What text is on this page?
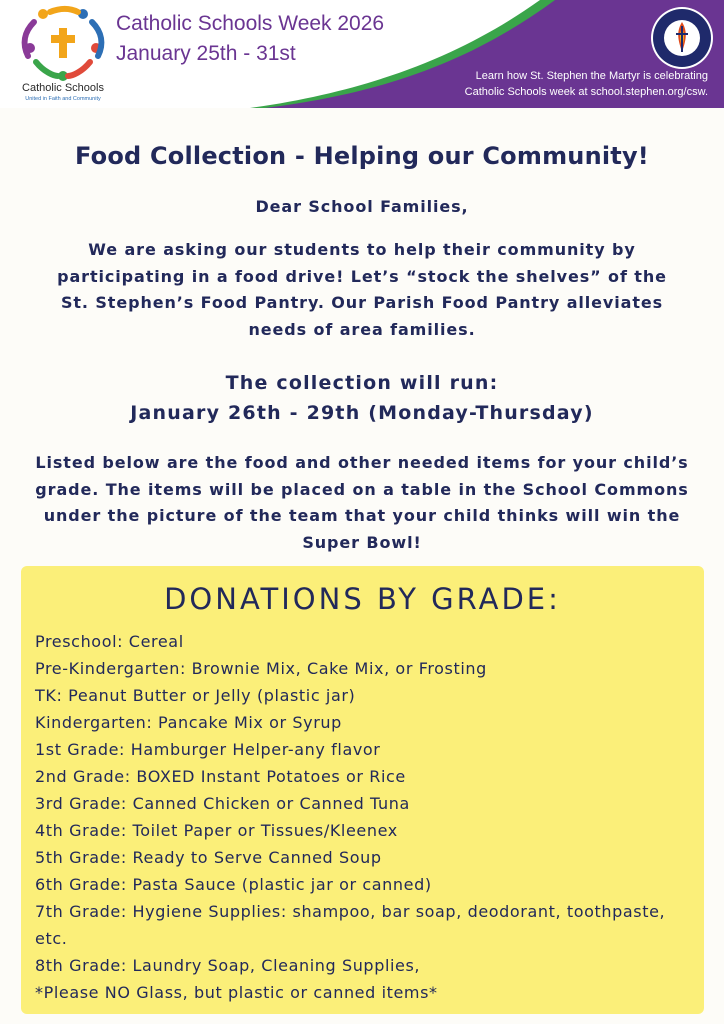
Catholic Schools
United in Faith and Community
Catholic Schools Week 2026
January 25th - 31st
Learn how St. Stephen the Martyr is celebrating
Catholic Schools week at school.stephen.org/csw.
Food Collection - Helping our Community!
Dear School Families,
We are asking our students to help their community by participating in a food drive! Let’s “stock the shelves” of the St. Stephen’s Food Pantry. Our Parish Food Pantry alleviates needs of area families.
The collection will run:
January 26th - 29th (Monday-Thursday)
Listed below are the food and other needed items for your child’s grade. The items will be placed on a table in the School Commons under the picture of the team that your child thinks will win the Super Bowl!
DONATIONS BY GRADE:
Preschool: Cereal
Pre-Kindergarten: Brownie Mix, Cake Mix, or Frosting
TK: Peanut Butter or Jelly (plastic jar)
Kindergarten: Pancake Mix or Syrup
1st Grade: Hamburger Helper-any flavor
2nd Grade: BOXED Instant Potatoes or Rice
3rd Grade: Canned Chicken or Canned Tuna
4th Grade: Toilet Paper or Tissues/Kleenex
5th Grade: Ready to Serve Canned Soup
6th Grade: Pasta Sauce (plastic jar or canned)
7th Grade: Hygiene Supplies: shampoo, bar soap, deodorant, toothpaste, etc.
8th Grade: Laundry Soap, Cleaning Supplies,
*Please NO Glass, but plastic or canned items*
